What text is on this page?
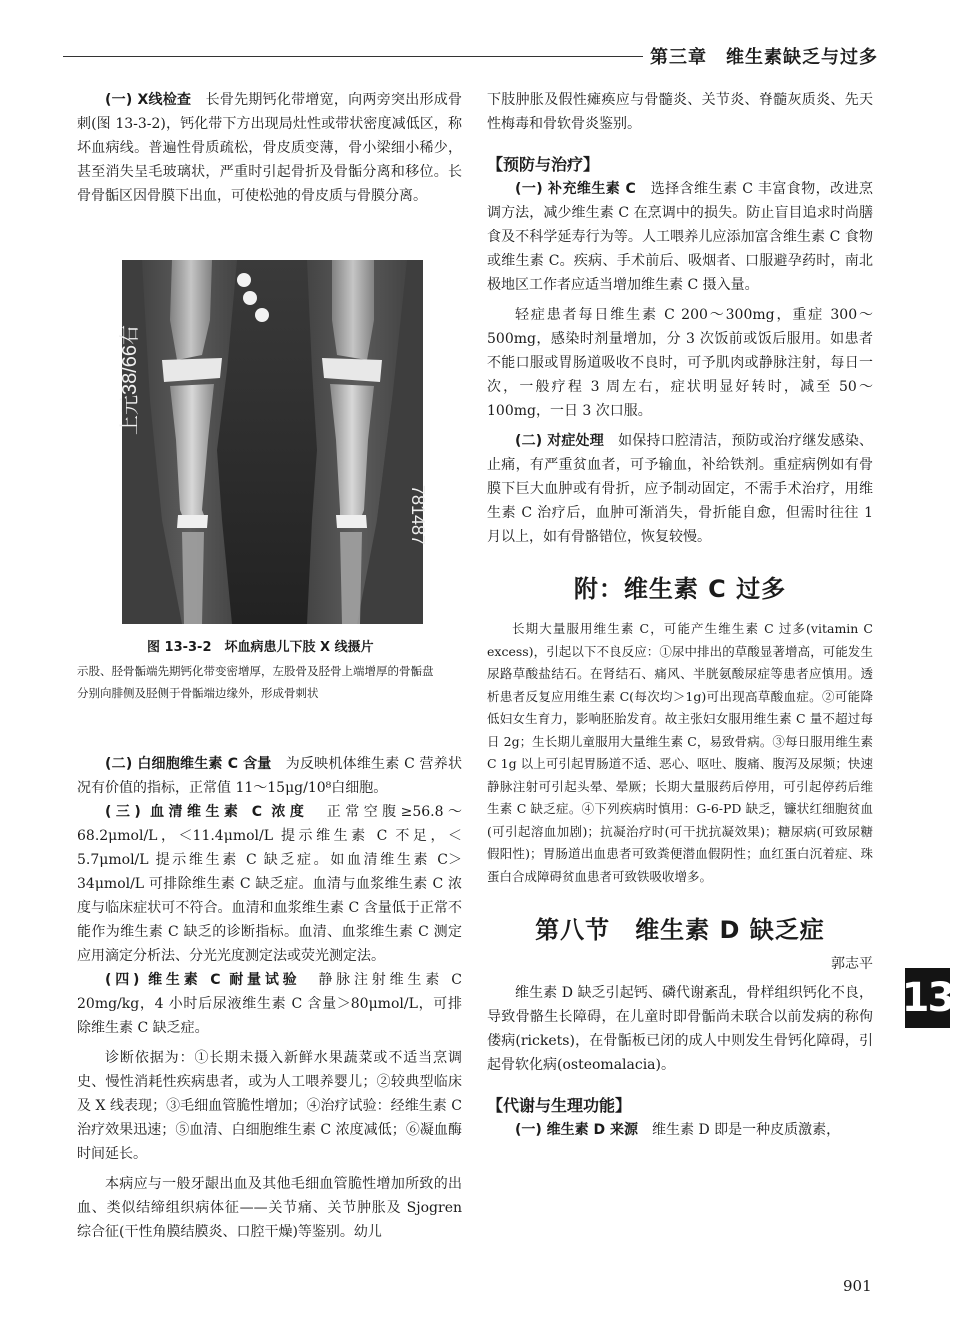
第三章　维生素缺乏与过多

(一) X线检查　 长骨先期钙化带增宽，向两旁突出形成骨刺(图 13-3-2)，钙化带下方出现局灶性或带状密度减低区，称坏血病线。普遍性骨质疏松，骨皮质变薄，骨小梁细小稀少，甚至消失呈毛玻璃状，严重时引起骨折及骨骺分离和移位。长骨骨骺区因骨膜下出血，可使松弛的骨皮质与骨膜分离。

上元38/66右
781487
图 13-3-2　坏血病患儿下肢 X 线摄片

示股、胫骨骺端先期钙化带变密增厚，左股骨及胫骨上端增厚的骨骺盘分别向腓侧及胫侧于骨骺端边缘外，形成骨刺状

(二) 白细胞维生素 C 含量　 为反映机体维生素 C 营养状况有价值的指标，正常值 11～15μg/10⁸白细胞。

(三) 血清维生素 C 浓度　 正常空腹≥56.8～68.2μmol/L，＜11.4μmol/L 提示维生素 C 不足，＜5.7μmol/L 提示维生素 C 缺乏症。如血清维生素 C＞34μmol/L 可排除维生素 C 缺乏症。血清与血浆维生素 C 浓度与临床症状可不符合。血清和血浆维生素 C 含量低于正常不能作为维生素 C 缺乏的诊断指标。血清、血浆维生素 C 测定应用滴定分析法、分光光度测定法或荧光测定法。

(四) 维生素 C 耐量试验　 静脉注射维生素 C 20mg/kg，4 小时后尿液维生素 C 含量＞80μmol/L，可排除维生素 C 缺乏症。

诊断依据为：①长期未摄入新鲜水果蔬菜或不适当烹调史、慢性消耗性疾病患者，或为人工喂养婴儿；②较典型临床及 X 线表现；③毛细血管脆性增加；④治疗试验：经维生素 C 治疗效果迅速；⑤血清、白细胞维生素 C 浓度减低；⑥凝血酶时间延长。

本病应与一般牙龈出血及其他毛细血管脆性增加所致的出血、类似结缔组织病体征——关节痛、关节肿胀及 Sjogren 综合征(干性角膜结膜炎、口腔干燥)等鉴别。幼儿

下肢肿胀及假性瘫痪应与骨髓炎、关节炎、脊髓灰质炎、先天性梅毒和骨软骨炎鉴别。

【预防与治疗】

(一) 补充维生素 C　 选择含维生素 C 丰富食物，改进烹调方法，减少维生素 C 在烹调中的损失。防止盲目追求时尚膳食及不科学延寿行为等。人工喂养儿应添加富含维生素 C 食物或维生素 C。疾病、手术前后、吸烟者、口服避孕药时，南北极地区工作者应适当增加维生素 C 摄入量。

轻症患者每日维生素 C 200～300mg，重症 300～500mg，感染时剂量增加，分 3 次饭前或饭后服用。如患者不能口服或胃肠道吸收不良时，可予肌肉或静脉注射，每日一次，一般疗程 3 周左右，症状明显好转时，减至 50～100mg，一日 3 次口服。

(二) 对症处理　 如保持口腔清洁，预防或治疗继发感染、止痛，有严重贫血者，可予输血，补给铁剂。重症病例如有骨膜下巨大血肿或有骨折，应予制动固定，不需手术治疗，用维生素 C 治疗后，血肿可渐消失，骨折能自愈，但需时往往 1 月以上，如有骨骼错位，恢复较慢。

附：维生素 C 过多

长期大量服用维生素 C，可能产生维生素 C 过多(vitamin C excess)，引起以下不良反应：①尿中排出的草酸显著增高，可能发生尿路草酸盐结石。在肾结石、痛风、半胱氨酸尿症等患者应慎用。透析患者反复应用维生素 C(每次均＞1g)可出现高草酸血症。②可能降低妇女生育力，影响胚胎发育。故主张妇女服用维生素 C 量不超过每日 2g；生长期儿童服用大量维生素 C，易致骨病。③每日服用维生素 C 1g 以上可引起胃肠道不适、恶心、呕吐、腹痛、腹泻及尿频；快速静脉注射可引起头晕、晕厥；长期大量服药后停用，可引起停药后维生素 C 缺乏症。④下列疾病时慎用：G-6-PD 缺乏，镰状红细胞贫血(可引起溶血加剧)；抗凝治疗时(可干扰抗凝效果)；糖尿病(可致尿糖假阳性)；胃肠道出血患者可致粪便潜血假阴性；血红蛋白沉着症、珠蛋白合成障碍贫血患者可致铁吸收增多。

第八节　维生素 D 缺乏症

郭志平

维生素 D 缺乏引起钙、磷代谢紊乱，骨样组织钙化不良，导致骨骼生长障碍，在儿童时即骨骺尚未联合以前发病的称佝偻病(rickets)，在骨骺板已闭的成人中则发生骨钙化障碍，引起骨软化病(osteomalacia)。

【代谢与生理功能】

(一) 维生素 D 来源　 维生素 D 即是一种皮质激素，

13
901
